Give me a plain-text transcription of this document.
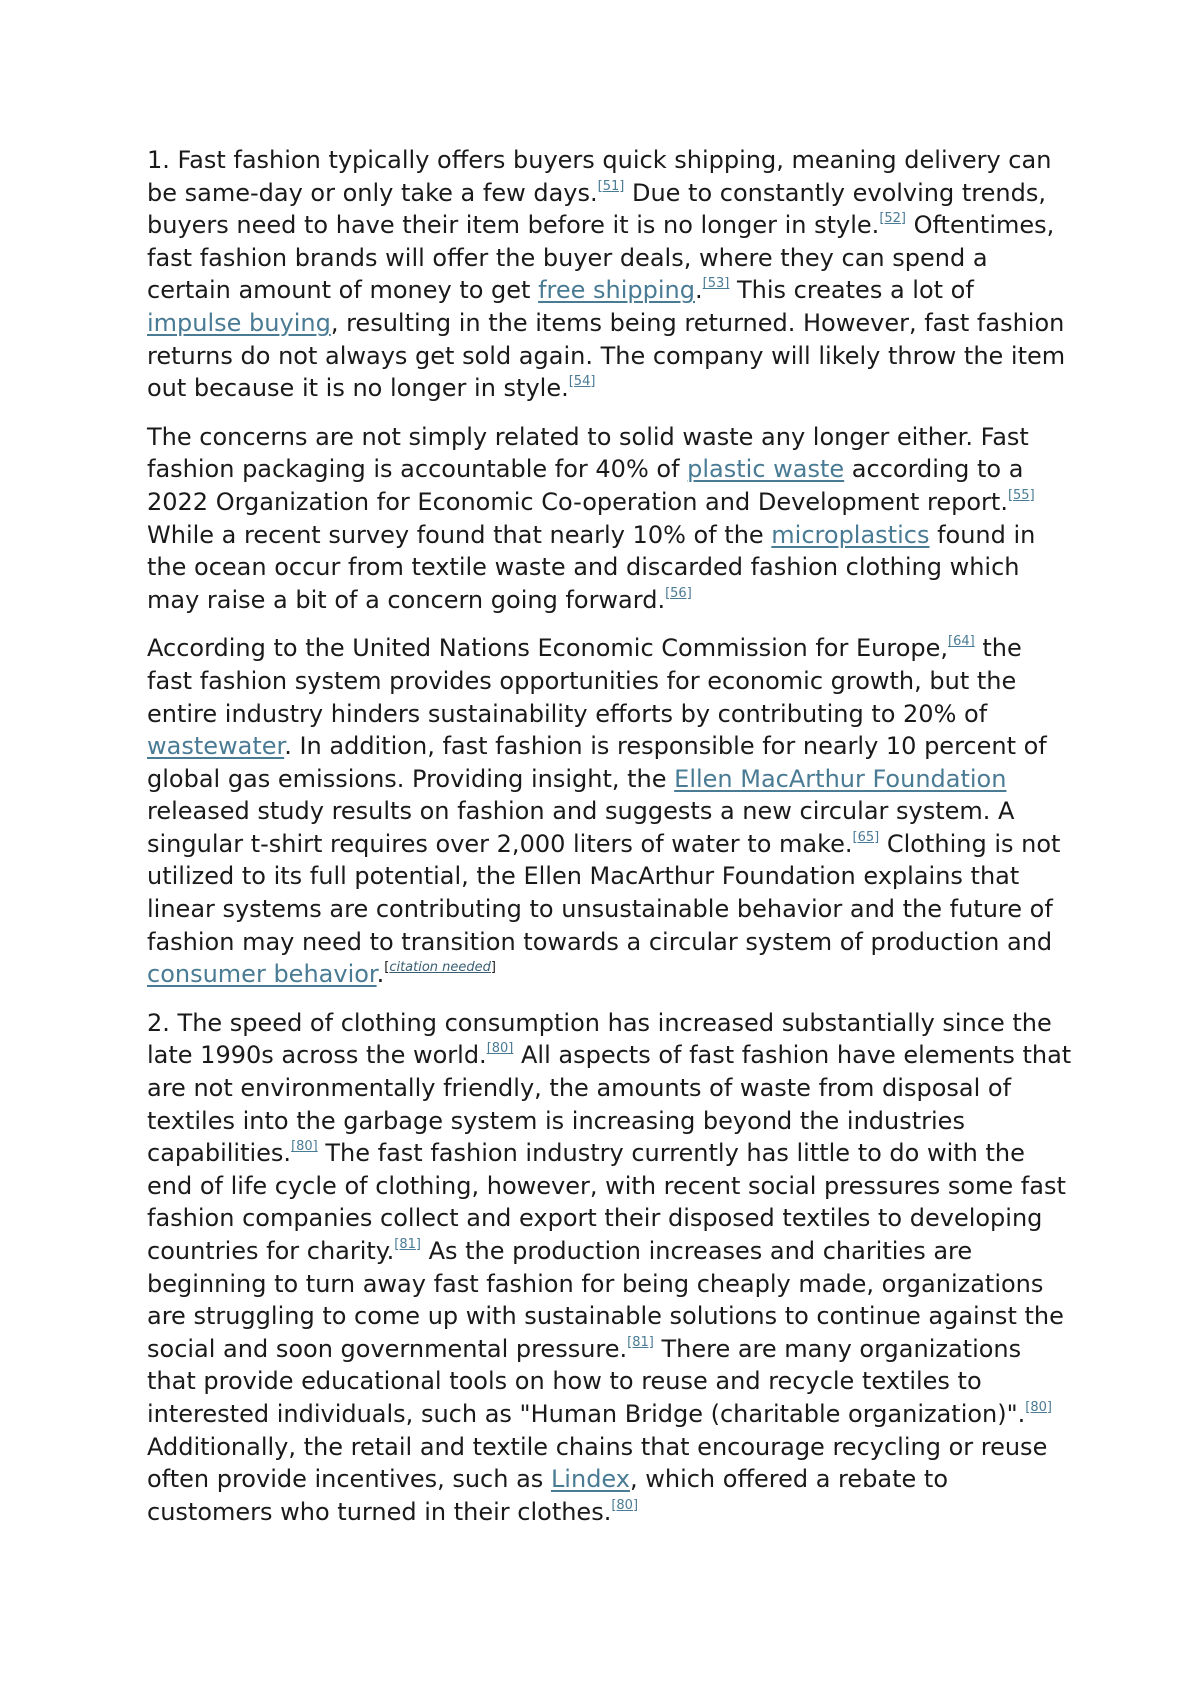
1. Fast fashion typically offers buyers quick shipping, meaning delivery can be same-day or only take a few days.[51] Due to constantly evolving trends, buyers need to have their item before it is no longer in style.[52] Oftentimes, fast fashion brands will offer the buyer deals, where they can spend a certain amount of money to get free shipping.[53] This creates a lot of impulse buying, resulting in the items being returned. However, fast fashion returns do not always get sold again. The company will likely throw the item out because it is no longer in style.[54]

The concerns are not simply related to solid waste any longer either. Fast fashion packaging is accountable for 40% of plastic waste according to a 2022 Organization for Economic Co-operation and Development report.[55] While a recent survey found that nearly 10% of the microplastics found in the ocean occur from textile waste and discarded fashion clothing which may raise a bit of a concern going forward.[56]

According to the United Nations Economic Commission for Europe,[64] the fast fashion system provides opportunities for economic growth, but the entire industry hinders sustainability efforts by contributing to 20% of wastewater. In addition, fast fashion is responsible for nearly 10 percent of global gas emissions. Providing insight, the Ellen MacArthur Foundation released study results on fashion and suggests a new circular system. A singular t-shirt requires over 2,000 liters of water to make.[65] Clothing is not utilized to its full potential, the Ellen MacArthur Foundation explains that linear systems are contributing to unsustainable behavior and the future of fashion may need to transition towards a circular system of production and consumer behavior.[citation needed]

2. The speed of clothing consumption has increased substantially since the late 1990s across the world.[80] All aspects of fast fashion have elements that are not environmentally friendly, the amounts of waste from disposal of textiles into the garbage system is increasing beyond the industries capabilities.[80] The fast fashion industry currently has little to do with the end of life cycle of clothing, however, with recent social pressures some fast fashion companies collect and export their disposed textiles to developing countries for charity.[81] As the production increases and charities are beginning to turn away fast fashion for being cheaply made, organizations are struggling to come up with sustainable solutions to continue against the social and soon governmental pressure.[81] There are many organizations that provide educational tools on how to reuse and recycle textiles to interested individuals, such as "Human Bridge (charitable organization)".[80] Additionally, the retail and textile chains that encourage recycling or reuse often provide incentives, such as Lindex, which offered a rebate to customers who turned in their clothes.[80]
